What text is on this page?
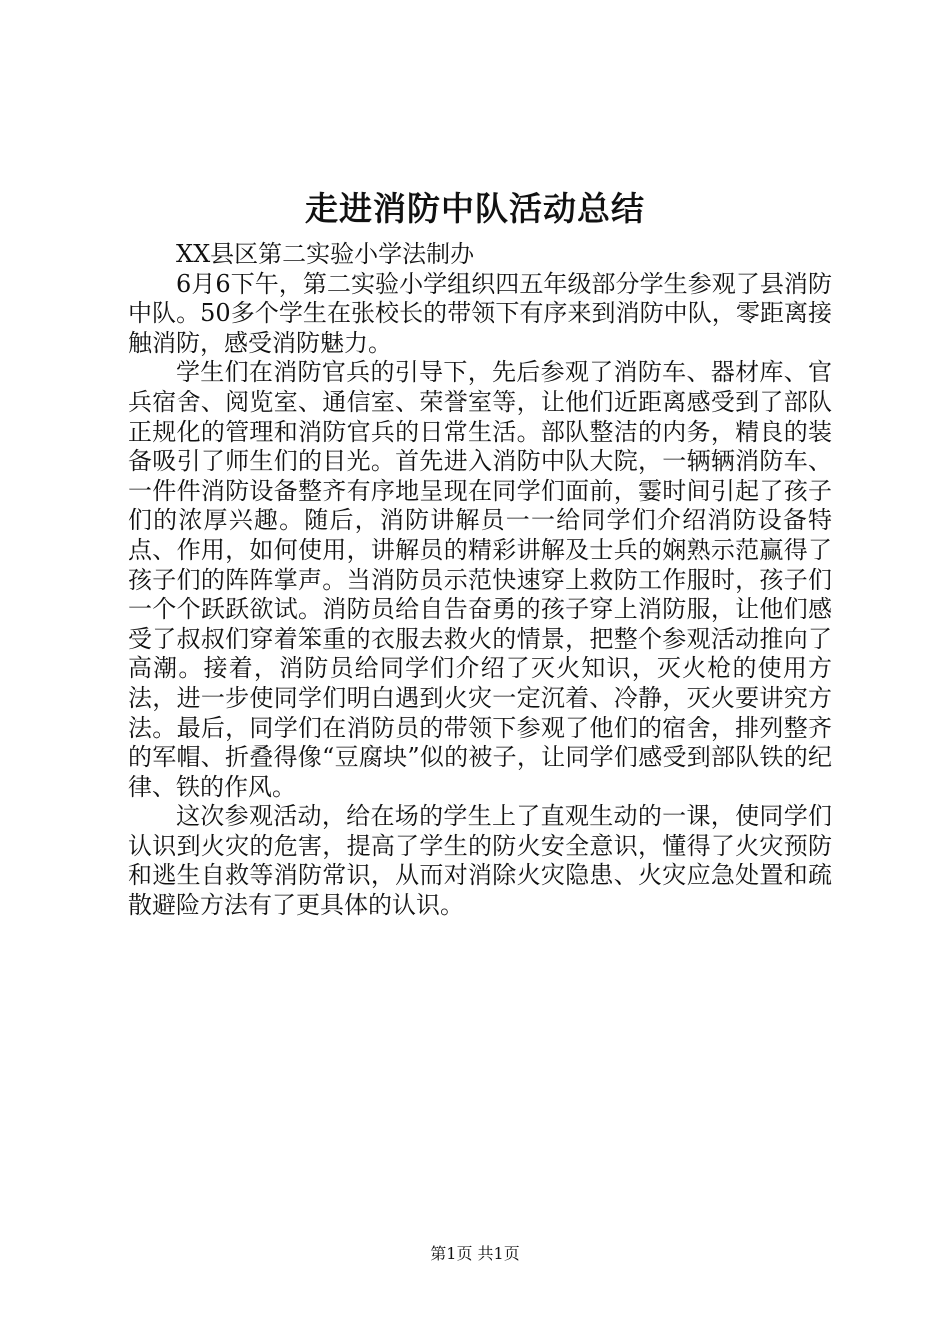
走进消防中队活动总结

XX县区第二实验小学法制办

6月6下午，第二实验小学组织四五年级部分学生参观了县消防中队。50多个学生在张校长的带领下有序来到消防中队，零距离接触消防，感受消防魅力。

学生们在消防官兵的引导下，先后参观了消防车、器材库、官兵宿舍、阅览室、通信室、荣誉室等，让他们近距离感受到了部队正规化的管理和消防官兵的日常生活。部队整洁的内务，精良的装备吸引了师生们的目光。首先进入消防中队大院，一辆辆消防车、一件件消防设备整齐有序地呈现在同学们面前，霎时间引起了孩子们的浓厚兴趣。随后，消防讲解员一一给同学们介绍消防设备特点、作用，如何使用，讲解员的精彩讲解及士兵的娴熟示范赢得了孩子们的阵阵掌声。当消防员示范快速穿上救防工作服时，孩子们一个个跃跃欲试。消防员给自告奋勇的孩子穿上消防服，让他们感受了叔叔们穿着笨重的衣服去救火的情景，把整个参观活动推向了高潮。接着，消防员给同学们介绍了灭火知识，灭火枪的使用方法，进一步使同学们明白遇到火灾一定沉着、冷静，灭火要讲究方法。最后，同学们在消防员的带领下参观了他们的宿舍，排列整齐的军帽、折叠得像“豆腐块”似的被子，让同学们感受到部队铁的纪律、铁的作风。

这次参观活动，给在场的学生上了直观生动的一课，使同学们认识到火灾的危害，提高了学生的防火安全意识，懂得了火灾预防和逃生自救等消防常识，从而对消除火灾隐患、火灾应急处置和疏散避险方法有了更具体的认识。

第1页 共1页
